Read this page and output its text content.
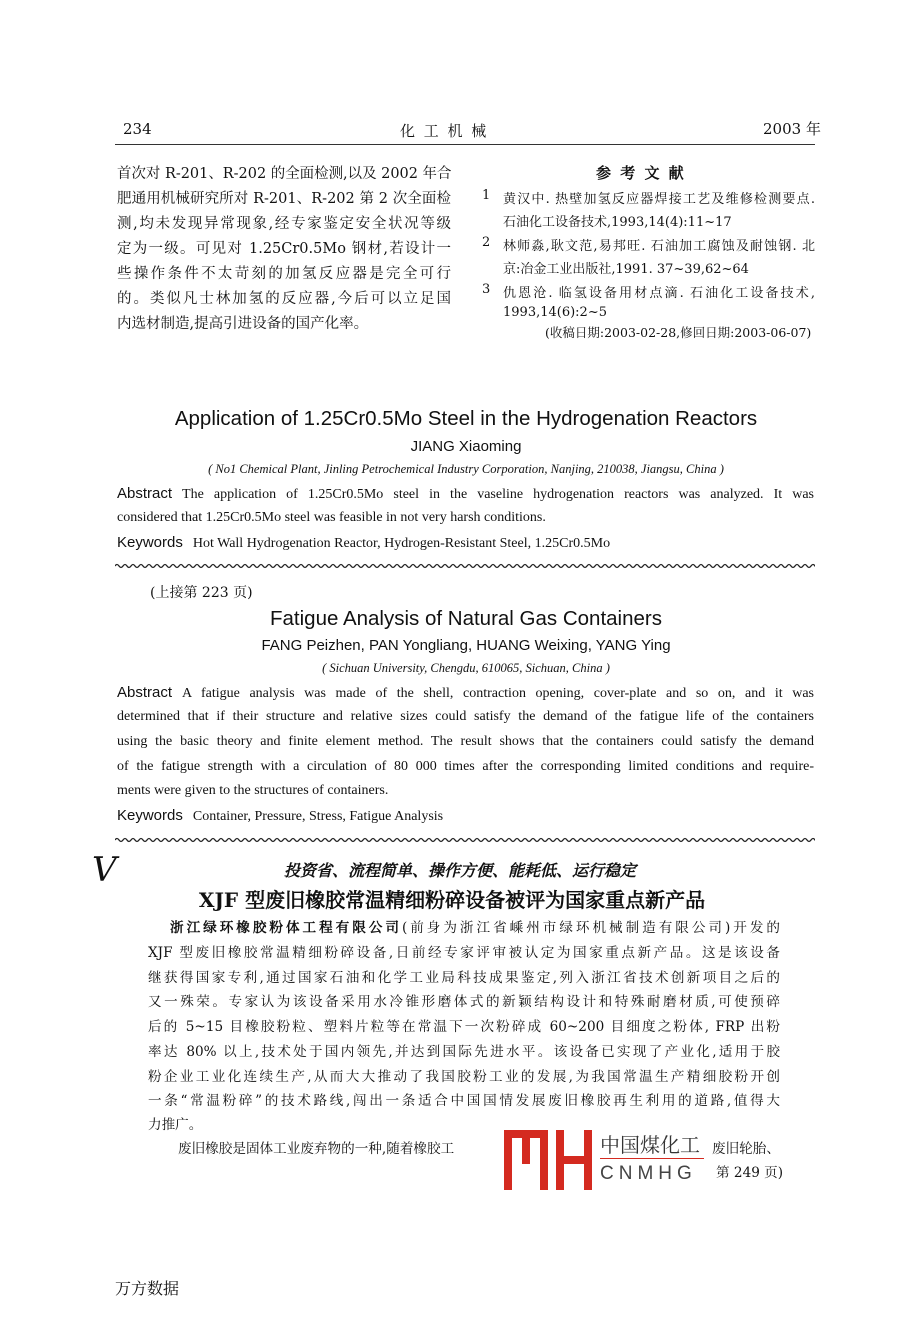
234	化 工 机 械	2003 年
首次对 R-201、R-202 的全面检测,以及 2002 年合
肥通用机械研究所对 R-201、R-202 第 2 次全面检
测,均未发现异常现象,经专家鉴定安全状况等级
定为一级。可见对 1.25Cr0.5Mo 钢材,若设计一
些操作条件不太苛刻的加氢反应器是完全可行
的。类似凡士林加氢的反应器,今后可以立足国
内选材制造,提高引进设备的国产化率。
参 考 文 献
1 黄汉中. 热壁加氢反应器焊接工艺及维修检测要点.
石油化工设备技术,1993,14(4):11~17
2 林师淼,耿文范,易邦旺. 石油加工腐蚀及耐蚀钢. 北
京:冶金工业出版社,1991. 37~39,62~64
3 仇恩沧. 临氢设备用材点滴. 石油化工设备技术,
1993,14(6):2~5
(收稿日期:2003-02-28,修回日期:2003-06-07)
Application of 1.25Cr0.5Mo Steel in the Hydrogenation Reactors
JIANG Xiaoming
( No1 Chemical Plant, Jinling Petrochemical Industry Corporation, Nanjing, 210038, Jiangsu, China )
Abstract The application of 1.25Cr0.5Mo steel in the vaseline hydrogenation reactors was analyzed. It was
considered that 1.25Cr0.5Mo steel was feasible in not very harsh conditions.
Keywords Hot Wall Hydrogenation Reactor, Hydrogen-Resistant Steel, 1.25Cr0.5Mo
(上接第 223 页)
Fatigue Analysis of Natural Gas Containers
FANG Peizhen, PAN Yongliang, HUANG Weixing, YANG Ying
( Sichuan University, Chengdu, 610065, Sichuan, China )
Abstract A fatigue analysis was made of the shell, contraction opening, cover-plate and so on, and it was
determined that if their structure and relative sizes could satisfy the demand of the fatigue life of the containers
using the basic theory and finite element method. The result shows that the containers could satisfy the demand
of the fatigue strength with a circulation of 80 000 times after the corresponding limited conditions and require-
ments were given to the structures of containers.
Keywords Container, Pressure, Stress, Fatigue Analysis
V	投资省、流程简单、操作方便、能耗低、运行稳定
XJF 型废旧橡胶常温精细粉碎设备被评为国家重点新产品
浙江绿环橡胶粉体工程有限公司(前身为浙江省嵊州市绿环机械制造有限公司)开发的
XJF 型废旧橡胶常温精细粉碎设备,日前经专家评审被认定为国家重点新产品。这是该设备
继获得国家专利,通过国家石油和化学工业局科技成果鉴定,列入浙江省技术创新项目之后的
又一殊荣。专家认为该设备采用水冷锥形磨体式的新颖结构设计和特殊耐磨材质,可使预碎
后的 5~15 目橡胶粉粒、塑料片粒等在常温下一次粉碎成 60~200 目细度之粉体, FRP 出粉
率达 80% 以上,技术处于国内领先,并达到国际先进水平。该设备已实现了产业化,适用于胶
粉企业工业化连续生产,从而大大推动了我国胶粉工业的发展,为我国常温生产精细胶粉开创
一条“常温粉碎”的技术路线,闯出一条适合中国国情发展废旧橡胶再生利用的道路,值得大
力推广。
废旧橡胶是固体工业废弃物的一种,随着橡胶工	废旧轮胎、
第 249 页)
中国煤化工
CNMHG
万方数据
